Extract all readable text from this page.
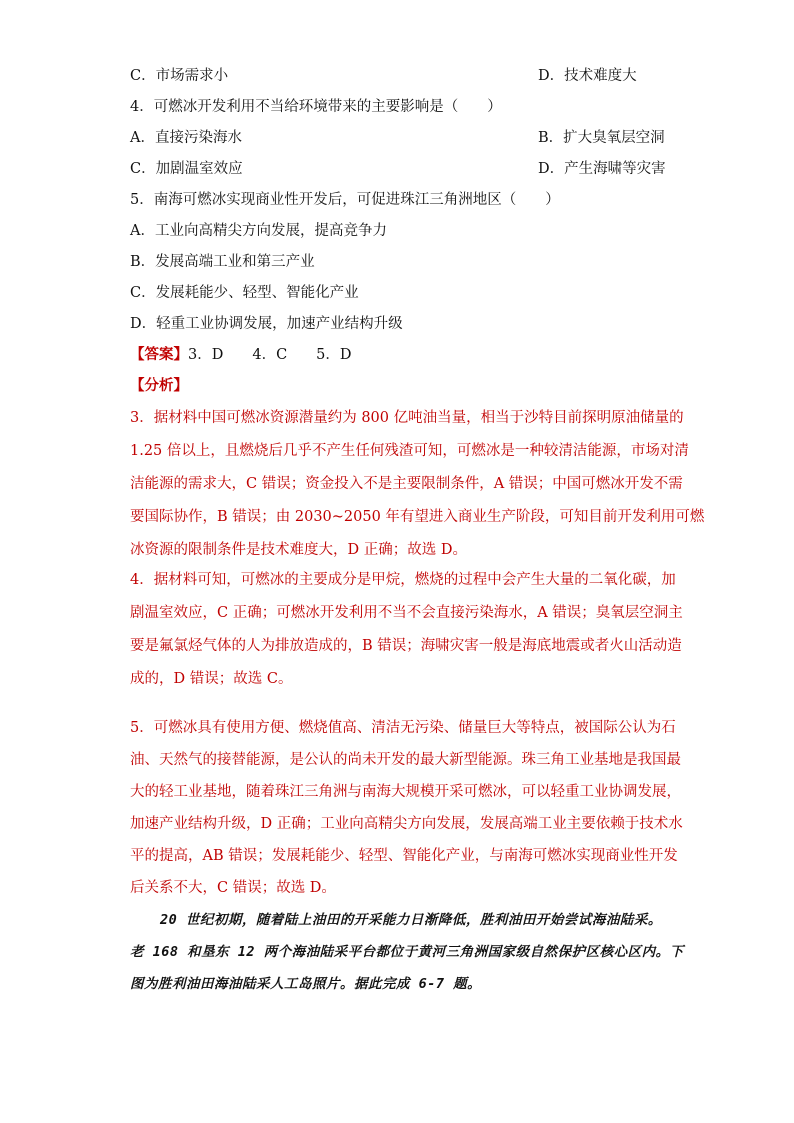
C．市场需求小	D．技术难度大
4．可燃冰开发利用不当给环境带来的主要影响是（　　）
A．直接污染海水	B．扩大臭氧层空洞
C．加剧温室效应	D．产生海啸等灾害
5．南海可燃冰实现商业性开发后，可促进珠江三角洲地区（　　）
A．工业向高精尖方向发展，提高竞争力
B．发展高端工业和第三产业
C．发展耗能少、轻型、智能化产业
D．轻重工业协调发展，加速产业结构升级
【答案】3．D　　4．C　　5．D
【分析】
3．据材料中国可燃冰资源潜量约为 800 亿吨油当量，相当于沙特目前探明原油储量的
1.25 倍以上，且燃烧后几乎不产生任何残渣可知，可燃冰是一种较清洁能源，市场对清
洁能源的需求大，C 错误；资金投入不是主要限制条件，A 错误；中国可燃冰开发不需
要国际协作，B 错误；由 2030~2050 年有望进入商业生产阶段，可知目前开发利用可燃
冰资源的限制条件是技术难度大，D 正确；故选 D。
4．据材料可知，可燃冰的主要成分是甲烷，燃烧的过程中会产生大量的二氧化碳，加
剧温室效应，C 正确；可燃冰开发利用不当不会直接污染海水，A 错误；臭氧层空洞主
要是氟氯烃气体的人为排放造成的，B 错误；海啸灾害一般是海底地震或者火山活动造
成的，D 错误；故选 C。
5．可燃冰具有使用方便、燃烧值高、清洁无污染、储量巨大等特点，被国际公认为石
油、天然气的接替能源，是公认的尚未开发的最大新型能源。珠三角工业基地是我国最
大的轻工业基地，随着珠江三角洲与南海大规模开采可燃冰，可以轻重工业协调发展，
加速产业结构升级，D 正确；工业向高精尖方向发展，发展高端工业主要依赖于技术水
平的提高，AB 错误；发展耗能少、轻型、智能化产业，与南海可燃冰实现商业性开发
后关系不大，C 错误；故选 D。
20 世纪初期，随着陆上油田的开采能力日渐降低，胜利油田开始尝试海油陆采。
老 168 和垦东 12 两个海油陆采平台都位于黄河三角洲国家级自然保护区核心区内。下
图为胜利油田海油陆采人工岛照片。据此完成 6-7 题。
